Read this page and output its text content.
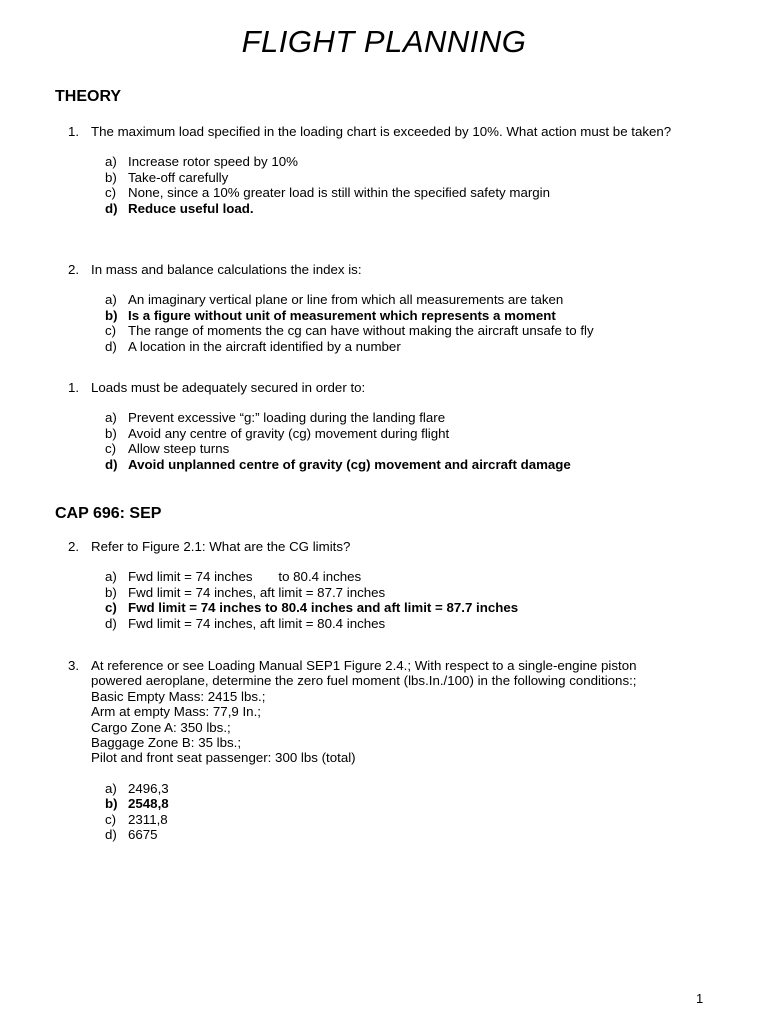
FLIGHT PLANNING
THEORY
1. The maximum load specified in the loading chart is exceeded by 10%. What action must be taken?
a) Increase rotor speed by 10%
b) Take-off carefully
c) None, since a 10% greater load is still within the specified safety margin
d) Reduce useful load.
2. In mass and balance calculations the index is:
a) An imaginary vertical plane or line from which all measurements are taken
b) Is a figure without unit of measurement which represents a moment
c) The range of moments the cg can have without making the aircraft unsafe to fly
d) A location in the aircraft identified by a number
1. Loads must be adequately secured in order to:
a) Prevent excessive “g:” loading during the landing flare
b) Avoid any centre of gravity (cg) movement during flight
c) Allow steep turns
d) Avoid unplanned centre of gravity (cg) movement and aircraft damage
CAP 696: SEP
2. Refer to Figure 2.1: What are the CG limits?
a) Fwd limit = 74 inches       to 80.4 inches
b) Fwd limit = 74 inches, aft limit = 87.7 inches
c) Fwd limit = 74 inches to 80.4 inches and aft limit = 87.7 inches
d) Fwd limit = 74 inches, aft limit = 80.4 inches
3. At reference or see Loading Manual SEP1 Figure 2.4.; With respect to a single-engine piston powered aeroplane, determine the zero fuel moment (lbs.In./100) in the following conditions:;
Basic Empty Mass: 2415 lbs.;
Arm at empty Mass: 77,9 In.;
Cargo Zone A: 350 lbs.;
Baggage Zone B: 35 lbs.;
Pilot and front seat passenger: 300 lbs (total)
a) 2496,3
b) 2548,8
c) 2311,8
d) 6675
1
